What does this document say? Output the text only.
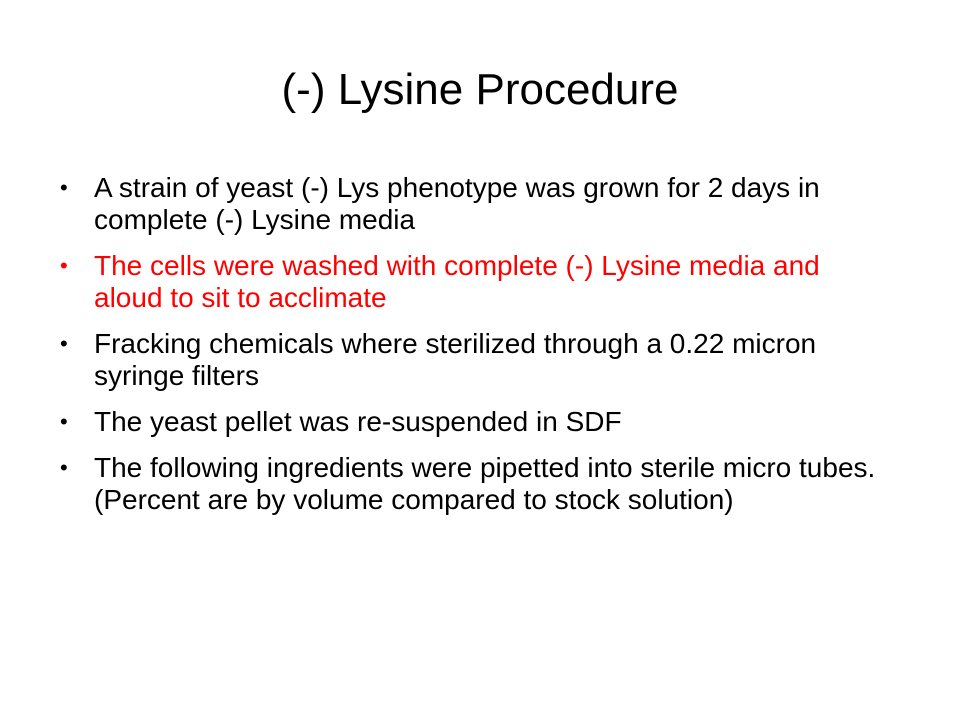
(-) Lysine Procedure
• A strain of yeast (-) Lys phenotype was grown for 2 days in complete (-) Lysine media
• The cells were washed with complete (-) Lysine media and aloud to sit to acclimate
• Fracking chemicals where sterilized through a 0.22 micron syringe filters
• The yeast pellet was re-suspended in SDF
• The following ingredients were pipetted into sterile micro tubes. (Percent are by volume compared to stock solution)
